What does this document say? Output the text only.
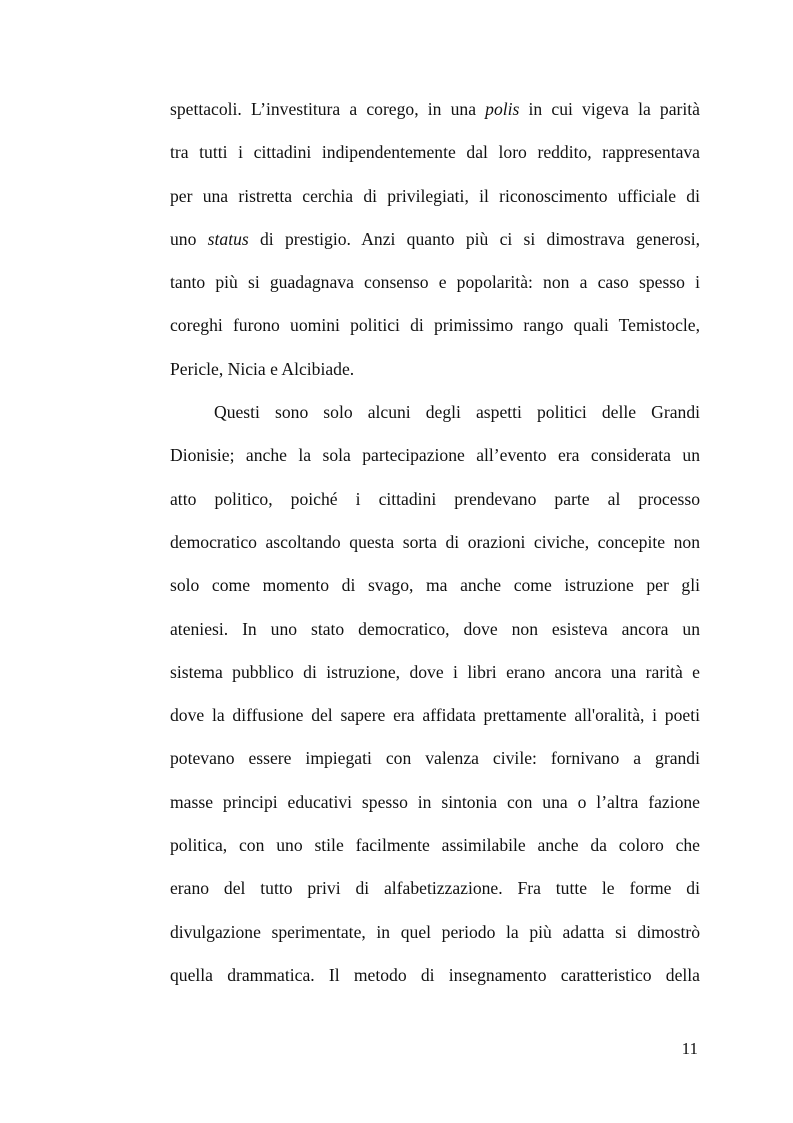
spettacoli. L’investitura a corego, in una polis in cui vigeva la parità
tra tutti i cittadini indipendentemente dal loro reddito, rappresentava
per una ristretta cerchia di privilegiati, il riconoscimento ufficiale di
uno status di prestigio. Anzi quanto più ci si dimostrava generosi,
tanto più si guadagnava consenso e popolarità: non a caso spesso i
coreghi furono uomini politici di primissimo rango quali Temistocle,
Pericle, Nicia e Alcibiade.
Questi sono solo alcuni degli aspetti politici delle Grandi
Dionisie; anche la sola partecipazione all’evento era considerata un
atto politico, poiché i cittadini prendevano parte al processo
democratico ascoltando questa sorta di orazioni civiche, concepite non
solo come momento di svago, ma anche come istruzione per gli
ateniesi. In uno stato democratico, dove non esisteva ancora un
sistema pubblico di istruzione, dove i libri erano ancora una rarità e
dove la diffusione del sapere era affidata prettamente all'oralità, i poeti
potevano essere impiegati con valenza civile: fornivano a grandi
masse principi educativi spesso in sintonia con una o l’altra fazione
politica, con uno stile facilmente assimilabile anche da coloro che
erano del tutto privi di alfabetizzazione. Fra tutte le forme di
divulgazione sperimentate, in quel periodo la più adatta si dimostrò
quella drammatica. Il metodo di insegnamento caratteristico della
11
